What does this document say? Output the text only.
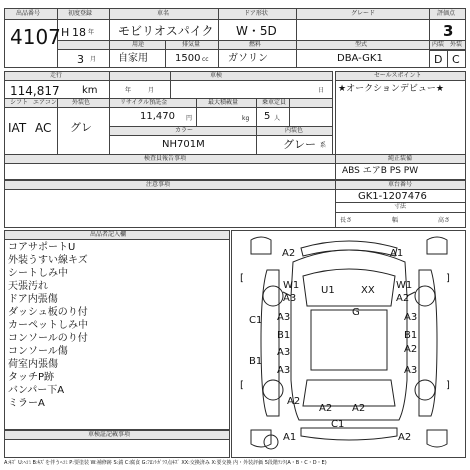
出品番号
4107
初度登録
H 18 年
3 月
車名
モビリオスパイク
用途
自家用
排気量
1500 cc
ドア形状
W・5D
燃料
ガソリン
グレード
型式
DBA-GK1
評価点
3
内装 外装
D C
走行
114,817 km
車検
年	月	日
シフト エアコン	外装色
IAT AC グレ
リサイクル預託金
11,470 円
最大積載量
kg
乗車定員
5 人
カラー
NH701M
内装色
グレー 系
セールスポイント
★オークションデビュー★
検査員報告事項	純正装備
ABS エアB PS PW
注意事項	車台番号
GK1-1207476
寸法
長さ	幅	高さ
出品者記入欄
コアサポートU
外装うすい線キズ
シートしみ中
天張汚れ
ドア内張傷
ダッシュ板のり付
カーペットしみ中
コンソールのり付
コンソール傷
荷室内張傷
タッチP跡
バンパー下A
ミラーA
車検証記載事項
A2	A1
[	]
W1 U1	XX W1
A3	A2
A3	G	A3
C1
B1	B1
A3	A2
B1
A3	A3
[	]
A2
A2 A2
C1
A1	A2
A:ｷｽﾞ U:ﾍｺﾐ B:ｷｽﾞを伴うﾍｺﾐ P:要塗装 W:補修跡 S:錆 C:腐食 G:ﾌﾛﾝﾄｶﾞﾗｽ点ｷｽﾞ XX:交換済み X:要交換 内・外装評価 5段階ﾗﾝｸ(A・B・C・D・E)
